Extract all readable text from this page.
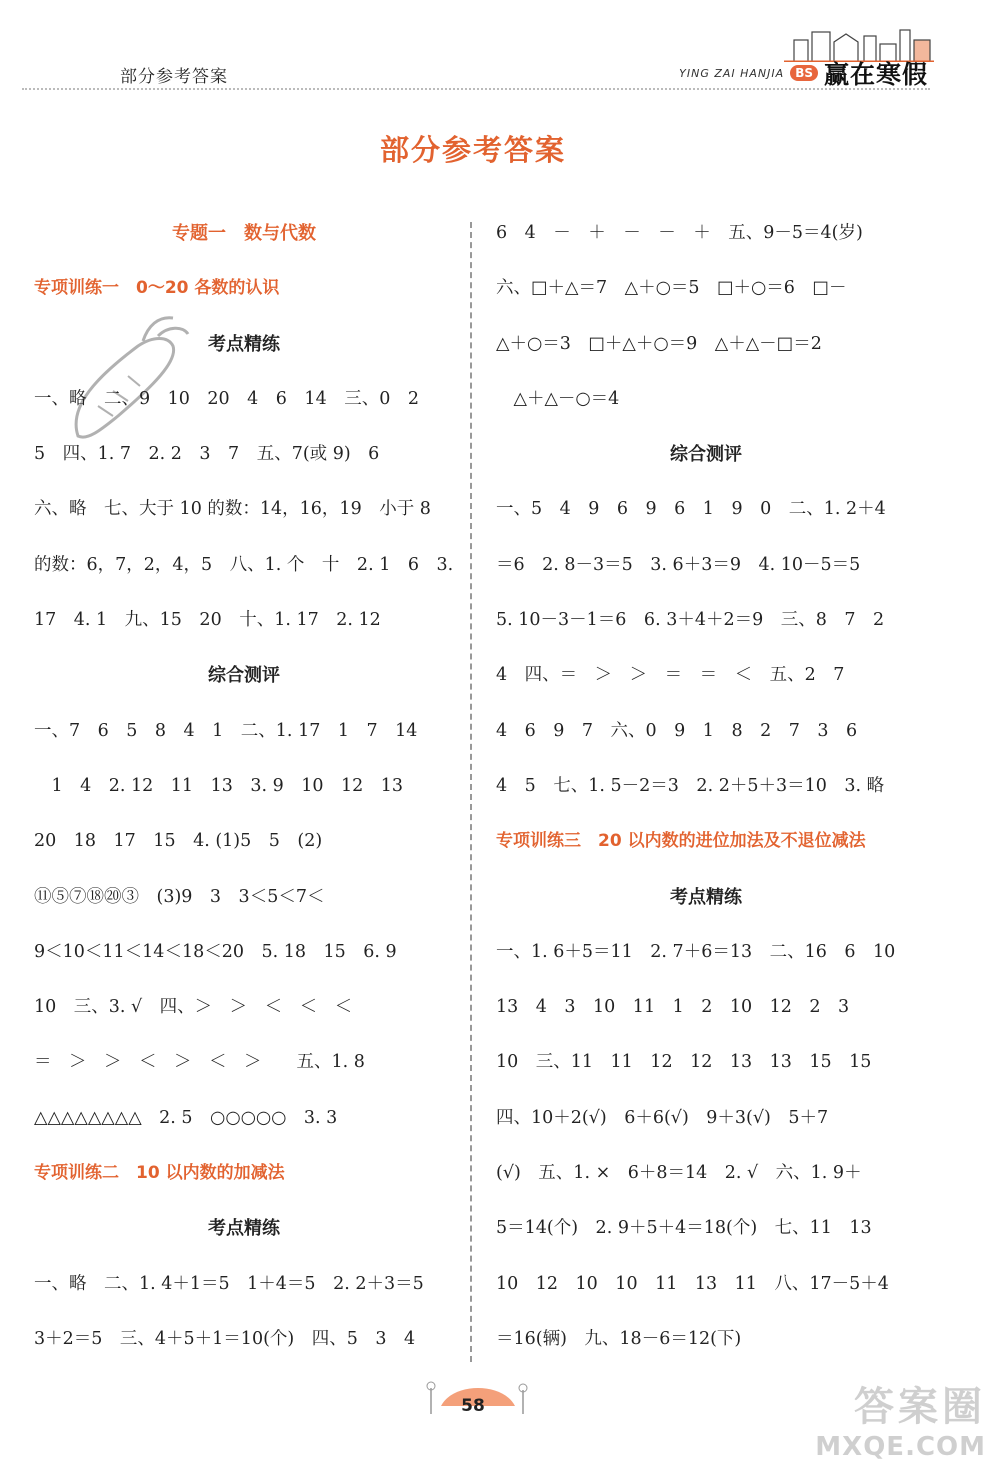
部分参考答案	YING ZAI HANJIA BS 赢在寒假
部分参考答案
专题一　数与代数
专项训练一　0～20 各数的认识
考点精练
一、略　二、9　10　20　4　6　14　三、0　2
5　四、1. 7　2. 2　3　7　五、7(或 9)　6
六、略　七、大于 10 的数：14，16，19　小于 8
的数：6，7，2，4，5　八、1. 个　十　2. 1　6　3.
17　4. 1　九、15　20　十、1. 17　2. 12
综合测评
一、7　6　5　8　4　1　二、1. 17　1　7　14
　1　4　2. 12　11　13　3. 9　10　12　13
20　18　17　15　4. (1)5　5　(2)
⑪⑤⑦⑱⑳③　(3)9　3　3＜5＜7＜
9＜10＜11＜14＜18＜20　5. 18　15　6. 9
10　三、3. √　四、＞　＞　＜　＜　＜
＝　＞　＞　＜　＞　＜　＞　　五、1. 8
△△△△△△△△　2. 5　○○○○○　3. 3
专项训练二　10 以内数的加减法
考点精练
一、略　二、1. 4＋1＝5　1＋4＝5　2. 2＋3＝5
3＋2＝5　三、4＋5＋1＝10(个)　四、5　3　4
6　4　－　＋　－　－　＋　五、9－5＝4(岁)
六、□＋△＝7　△＋○＝5　□＋○＝6　□－
△＋○＝3　□＋△＋○＝9　△＋△－□＝2
　△＋△－○＝4
综合测评
一、5　4　9　6　9　6　1　9　0　二、1. 2＋4
＝6　2. 8－3＝5　3. 6＋3＝9　4. 10－5＝5
5. 10－3－1＝6　6. 3＋4＋2＝9　三、8　7　2
4　四、＝　＞　＞　＝　＝　＜　五、2　7
4　6　9　7　六、0　9　1　8　2　7　3　6
4　5　七、1. 5－2＝3　2. 2＋5＋3＝10　3. 略
专项训练三　20 以内数的进位加法及不退位减法
考点精练
一、1. 6＋5＝11　2. 7＋6＝13　二、16　6　10
13　4　3　10　11　1　2　10　12　2　3
10　三、11　11　12　12　13　13　15　15
四、10＋2(√)　6＋6(√)　9＋3(√)　5＋7
(√)　五、1. ×　6＋8＝14　2. √　六、1. 9＋
5＝14(个)　2. 9＋5＋4＝18(个)　七、11　13
10　12　10　10　11　13　11　八、17－5＋4
＝16(辆)　九、18－6＝12(下)
58	答案圈
MXQE.COM
